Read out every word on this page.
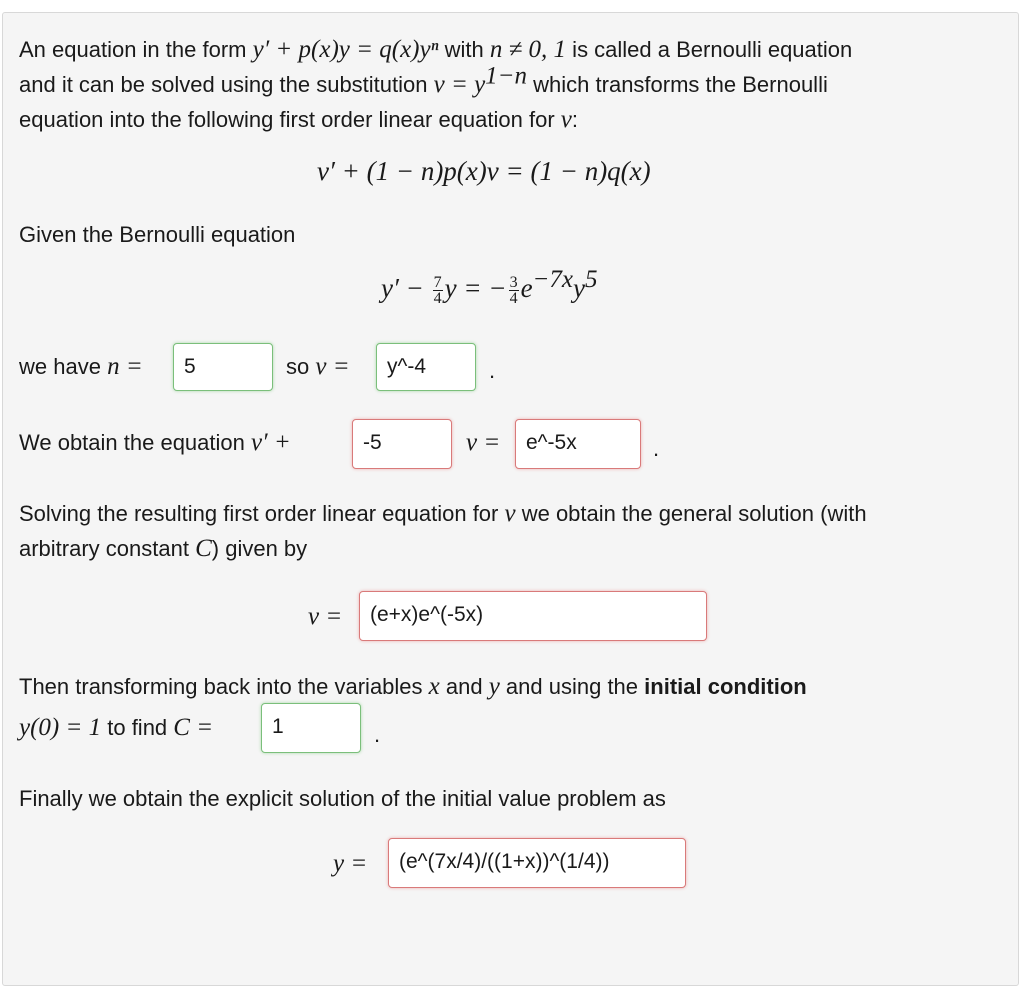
An equation in the form y′ + p(x)y = q(x)yⁿ with n ≠ 0, 1 is called a Bernoulli equation
and it can be solved using the substitution $v = y^{1-n}$ which transforms the Bernoulli
equation into the following first order linear equation for v:
v′ + (1 − n)p(x)v = (1 − n)q(x)
Given the Bernoulli equation
$y' - \frac{7}{4}$ y = − $\frac{3}{4} e^{-7x}y^5$
we have n =	5	so v =	y^-4	.
We obtain the equation v′ +	-5	v =	e^-5x	.
Solving the resulting first order linear equation for v we obtain the general solution (with
arbitrary constant C) given by
v =	(e+x)e^(-5x)
Then transforming back into the variables x and y and using the initial condition
y(0) = 1 to find C =	1	.
Finally we obtain the explicit solution of the initial value problem as
y =	(e^(7x/4)/((1+x))^(1/4))
